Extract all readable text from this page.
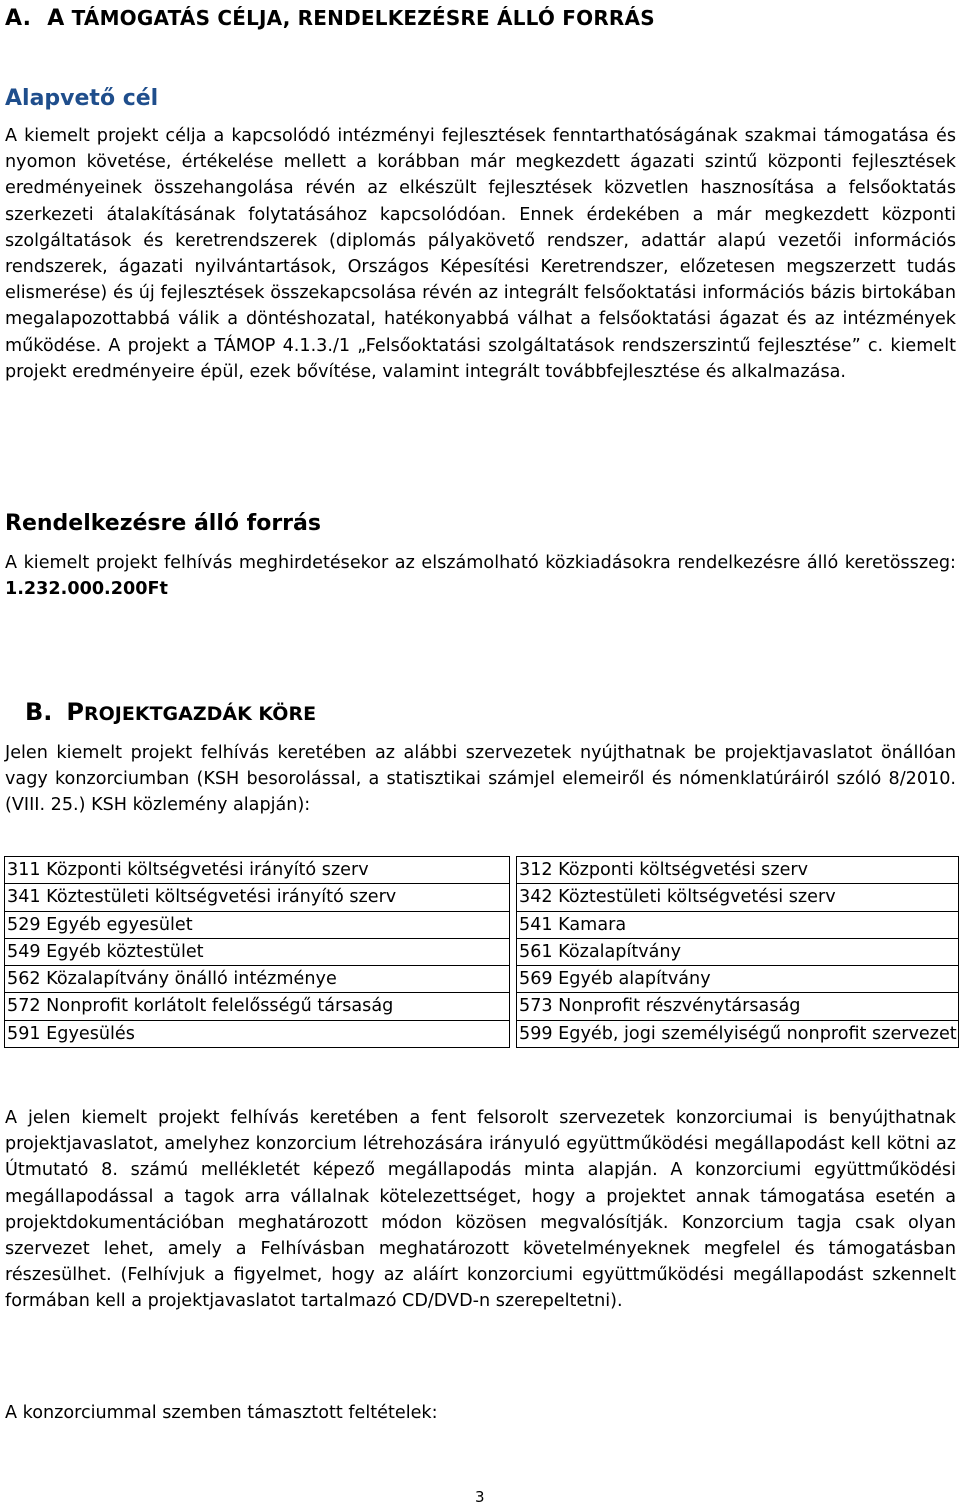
A. A TÁMOGATÁS CÉLJA, RENDELKEZÉSRE ÁLLÓ FORRÁS
Alapvető cél
A kiemelt projekt célja a kapcsolódó intézményi fejlesztések fenntarthatóságának szakmai támogatása és nyomon követése, értékelése mellett a korábban már megkezdett ágazati szintű központi fejlesztések eredményeinek összehangolása révén az elkészült fejlesztések közvetlen hasznosítása a felsőoktatás szerkezeti átalakításának folytatásához kapcsolódóan. Ennek érdekében a már megkezdett központi szolgáltatások és keretrendszerek (diplomás pályakövető rendszer, adattár alapú vezetői információs rendszerek, ágazati nyilvántartások, Országos Képesítési Keretrendszer, előzetesen megszerzett tudás elismerése) és új fejlesztések összekapcsolása révén az integrált felsőoktatási információs bázis birtokában megalapozottabbá válik a döntéshozatal, hatékonyabbá válhat a felsőoktatási ágazat és az intézmények működése. A projekt a TÁMOP 4.1.3./1 „Felsőoktatási szolgáltatások rendszerszintű fejlesztése” c. kiemelt projekt eredményeire épül, ezek bővítése, valamint integrált továbbfejlesztése és alkalmazása.
Rendelkezésre álló forrás
A kiemelt projekt felhívás meghirdetésekor az elszámolható közkiadásokra rendelkezésre álló keretösszeg: 1.232.000.200Ft
B. PROJEKTGAZDÁK KÖRE
Jelen kiemelt projekt felhívás keretében az alábbi szervezetek nyújthatnak be projektjavaslatot önállóan vagy konzorciumban (KSH besorolással, a statisztikai számjel elemeiről és nómenklatúráiról szóló 8/2010.(VIII. 25.) KSH közlemény alapján):
311 Központi költségvetési irányító szerv		312 Központi költségvetési szerv
341 Köztestületi költségvetési irányító szerv		342 Köztestületi költségvetési szerv
529 Egyéb egyesület		541 Kamara
549 Egyéb köztestület		561 Közalapítvány
562 Közalapítvány önálló intézménye		569 Egyéb alapítvány
572 Nonprofit korlátolt felelősségű társaság		573 Nonprofit részvénytársaság
591 Egyesülés		599 Egyéb, jogi személyiségű nonprofit szervezet
A jelen kiemelt projekt felhívás keretében a fent felsorolt szervezetek konzorciumai is benyújthatnak projektjavaslatot, amelyhez konzorcium létrehozására irányuló együttműködési megállapodást kell kötni az Útmutató 8. számú mellékletét képező megállapodás minta alapján. A konzorciumi együttműködési megállapodással a tagok arra vállalnak kötelezettséget, hogy a projektet annak támogatása esetén a projektdokumentációban meghatározott módon közösen megvalósítják. Konzorcium tagja csak olyan szervezet lehet, amely a Felhívásban meghatározott követelményeknek megfelel és támogatásban részesülhet. (Felhívjuk a figyelmet, hogy az aláírt konzorciumi együttműködési megállapodást szkennelt formában kell a projektjavaslatot tartalmazó CD/DVD-n szerepeltetni).
A konzorciummal szemben támasztott feltételek:
3
